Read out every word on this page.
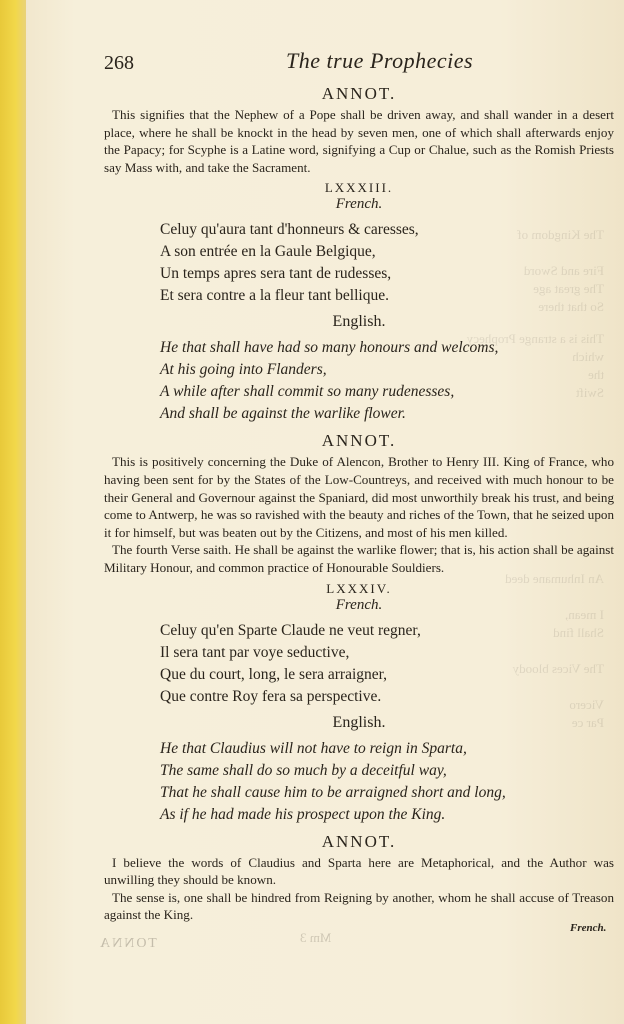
The Kingdom of

Fire and Sword
The great age
So that there
This is a strange Prophecy
which
the
Swift
An Inhumane deed

I mean,
Shall find

The Vices bloody

Vicero
Par ce
268	The true Prophecies
ANNOT.

This signifies that the Nephew of a Pope shall be driven away, and shall wander in a desert place, where he shall be knockt in the head by seven men, one of which shall afterwards enjoy the Papacy; for Scyphe is a Latine word, signifying a Cup or Chalue, such as the Romish Priests say Mass with, and take the Sacrament.

LXXXIII.
French.
Celuy qu'aura tant d'honneurs & caresses,
A son entrée en la Gaule Belgique,
Un temps apres sera tant de rudesses,
Et sera contre a la fleur tant bellique.
English.
He that shall have had so many honours and welcoms,
At his going into Flanders,
A while after shall commit so many rudenesses,
And shall be against the warlike flower.
ANNOT.

This is positively concerning the Duke of Alencon, Brother to Henry III. King of France, who having been sent for by the States of the Low-Countreys, and received with much honour to be their General and Governour against the Spaniard, did most unworthily break his trust, and being come to Antwerp, he was so ravished with the beauty and riches of the Town, that he seized upon it for himself, but was beaten out by the Citizens, and most of his men killed.

The fourth Verse saith. He shall be against the warlike flower; that is, his action shall be against Military Honour, and common practice of Honourable Souldiers.

LXXXIV.
French.
Celuy qu'en Sparte Claude ne veut regner,
Il sera tant par voye seductive,
Que du court, long, le sera arraigner,
Que contre Roy fera sa perspective.
English.
He that Claudius will not have to reign in Sparta,
The same shall do so much by a deceitful way,
That he shall cause him to be arraigned short and long,
As if he had made his prospect upon the King.
ANNOT.

I believe the words of Claudius and Sparta here are Metaphorical, and the Author was unwilling they should be known.

The sense is, one shall be hindred from Reigning by another, whom he shall accuse of Treason against the King.

French.
TONNA	Mm 3
